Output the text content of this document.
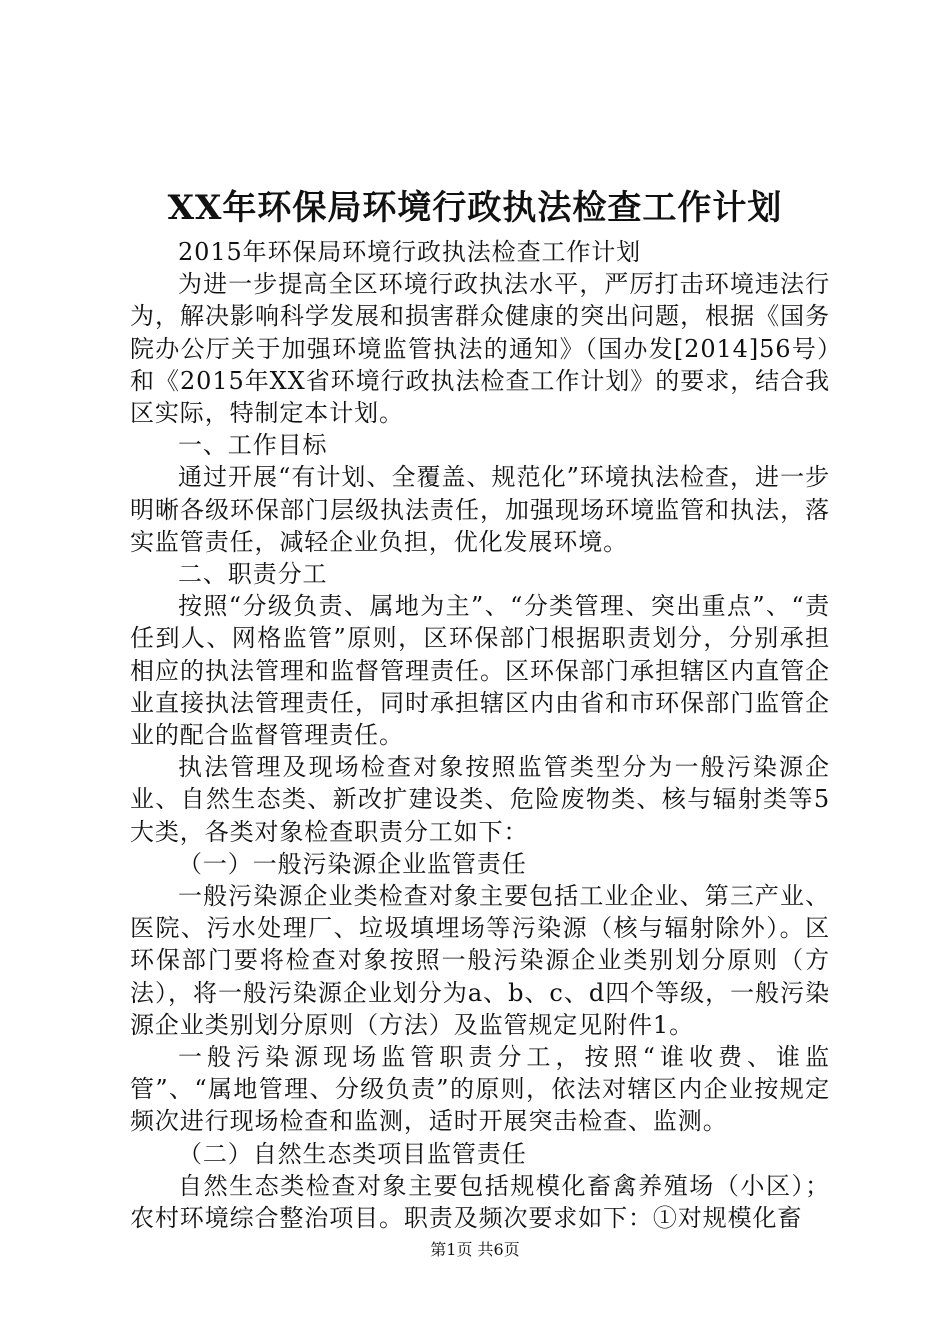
XX年环保局环境行政执法检查工作计划

2015年环保局环境行政执法检查工作计划

为进一步提高全区环境行政执法水平，严厉打击环境违法行为，解决影响科学发展和损害群众健康的突出问题，根据《国务院办公厅关于加强环境监管执法的通知》（国办发[2014]56号）和《2015年XX省环境行政执法检查工作计划》的要求，结合我区实际，特制定本计划。

一、工作目标

通过开展“有计划、全覆盖、规范化”环境执法检查，进一步明晰各级环保部门层级执法责任，加强现场环境监管和执法，落实监管责任，减轻企业负担，优化发展环境。

二、职责分工

按照“分级负责、属地为主”、“分类管理、突出重点”、“责任到人、网格监管”原则，区环保部门根据职责划分，分别承担相应的执法管理和监督管理责任。区环保部门承担辖区内直管企业直接执法管理责任，同时承担辖区内由省和市环保部门监管企业的配合监督管理责任。

执法管理及现场检查对象按照监管类型分为一般污染源企业、自然生态类、新改扩建设类、危险废物类、核与辐射类等5大类，各类对象检查职责分工如下：

（一）一般污染源企业监管责任

一般污染源企业类检查对象主要包括工业企业、第三产业、医院、污水处理厂、垃圾填埋场等污染源（核与辐射除外）。区环保部门要将检查对象按照一般污染源企业类别划分原则（方法），将一般污染源企业划分为a、b、c、d四个等级，一般污染源企业类别划分原则（方法）及监管规定见附件1。

一般污染源现场监管职责分工，按照“谁收费、谁监管”、“属地管理、分级负责”的原则，依法对辖区内企业按规定频次进行现场检查和监测，适时开展突击检查、监测。

（二）自然生态类项目监管责任

自然生态类检查对象主要包括规模化畜禽养殖场（小区）；农村环境综合整治项目。职责及频次要求如下：①对规模化畜

第1页 共6页
